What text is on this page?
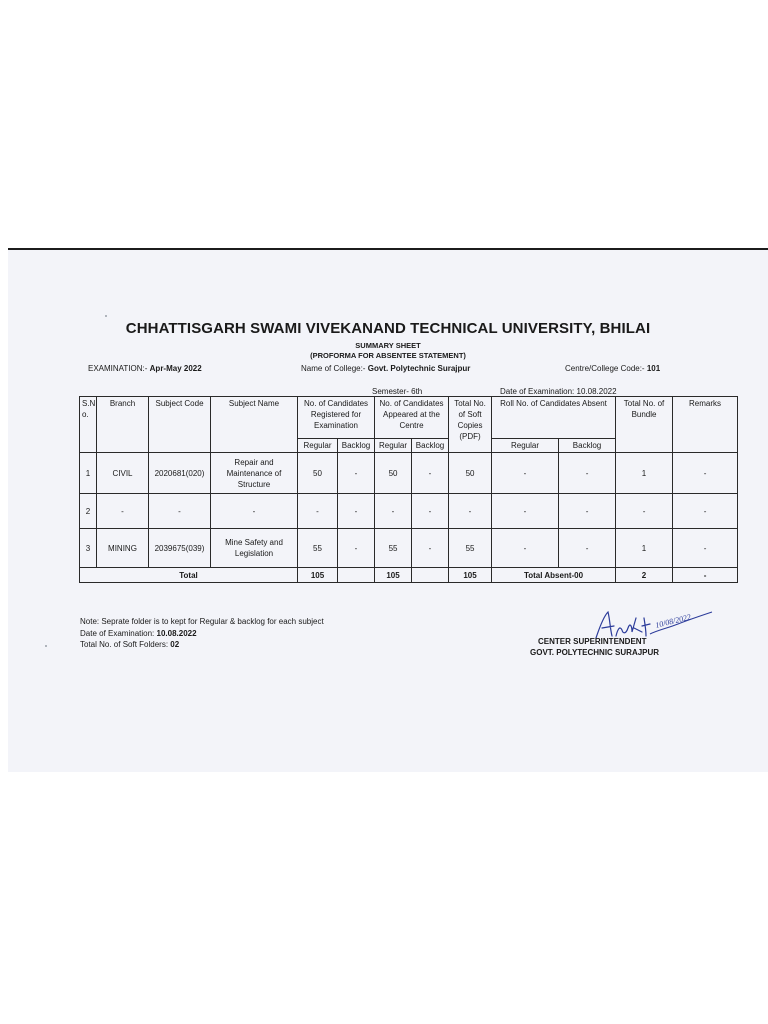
CHHATTISGARH SWAMI VIVEKANAND TECHNICAL UNIVERSITY, BHILAI
SUMMARY SHEET
(PROFORMA FOR ABSENTEE STATEMENT)
EXAMINATION:- Apr-May 2022	Name of College:- Govt. Polytechnic Surajpur	Centre/College Code:- 101
Semester- 6th	Date of Examination: 10.08.2022
S.N o.	Branch	Subject Code	Subject Name	No. of Candidates Registered for Examination		No. of Candidates Appeared at the Centre		Total No. of Soft Copies (PDF)	Roll No. of Candidates Absent		Total No. of Bundle	Remarks
				Regular	Backlog	Regular	Backlog		Regular	Backlog		
1	CIVIL	2020681(020)	Repair and Maintenance of Structure	50	-	50	-	50	-	-	1	-
2	-	-	-	-	-	-	-	-	-	-	-	-
3	MINING	2039675(039)	Mine Safety and Legislation	55	-	55	-	55	-	-	1	-
Total				105		105		105	Total Absent-00		2	-
Note: Seprate folder is to kept for Regular & backlog for each subject
Date of Examination: 10.08.2022
Total No. of Soft Folders: 02
10/08/2022
CENTER SUPERINTENDENT
GOVT. POLYTECHNIC SURAJPUR
